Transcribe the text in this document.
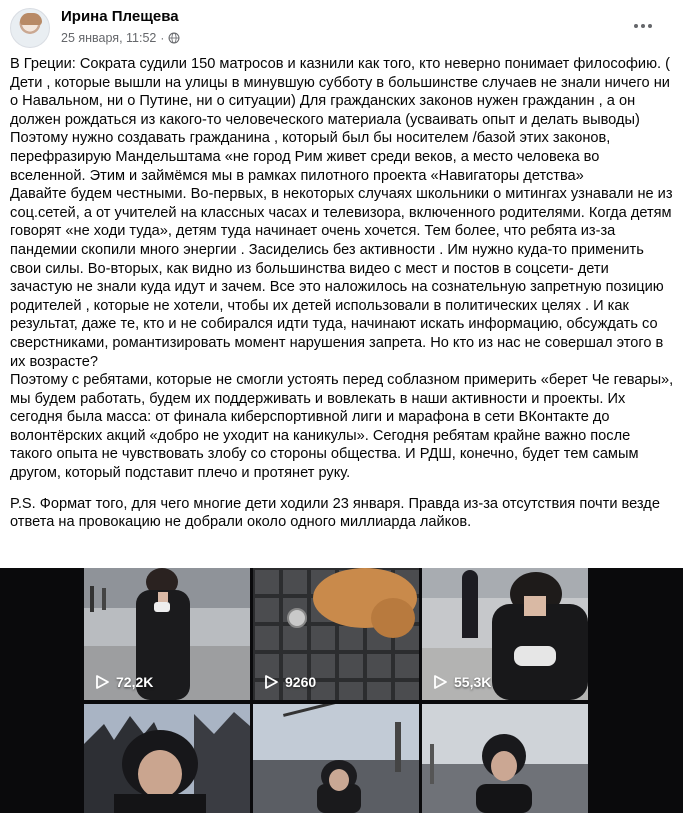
Ирина Плещева
25 января, 11:52 ·

В Греции: Сократа судили 150 матросов и казнили как того, кто неверно понимает философию. ( Дети , которые вышли на улицы в минувшую субботу в большинстве случаев не знали ничего ни о Навальном, ни о Путине, ни о ситуации) Для гражданских законов нужен гражданин , а он должен рождаться из какого-то человеческого материала (усваивать опыт и делать выводы)
Поэтому нужно создавать гражданина , который был бы носителем /базой этих законов, перефразирую Мандельштама «не город Рим живет среди веков, а место человека во вселенной. Этим и займёмся мы в рамках пилотного проекта «Навигаторы детства»
Давайте будем честными. Во-первых, в некоторых случаях школьники о митингах узнавали не из соц.сетей, а от учителей на классных часах и телевизора, включенного родителями. Когда детям говорят «не ходи туда», детям туда начинает очень хочется. Тем более, что ребята из-за пандемии скопили много энергии . Засиделись без активности . Им нужно куда-то применить свои силы. Во-вторых, как видно из большинства видео с мест и постов в соцсети- дети зачастую не знали куда идут и зачем. Все это наложилось на сознательную запретную позицию родителей , которые не хотели, чтобы их детей использовали в политических целях . И как результат, даже те, кто и не собирался идти туда, начинают искать информацию, обсуждать со сверстниками, романтизировать момент нарушения запрета. Но кто из нас не совершал этого в их возрасте?
Поэтому с ребятами, которые не смогли устоять перед соблазном примерить «берет Че гевары», мы будем работать, будем их поддерживать и вовлекать в наши активности и проекты. Их сегодня была масса: от финала киберспортивной лиги и марафона в сети ВКонтакте до волонтёрских акций «добро не уходит на каникулы». Сегодня ребятам крайне важно после такого опыта не чувствовать злобу со стороны общества. И РДШ, конечно, будет тем самым другом, который подставит плечо и протянет руку.

P.S. Формат того, для чего многие дети ходили 23 января. Правда из-за отсутствия почти везде ответа на провокацию не добрали около одного миллиарда лайков.

72,2K	9260	55,3K
